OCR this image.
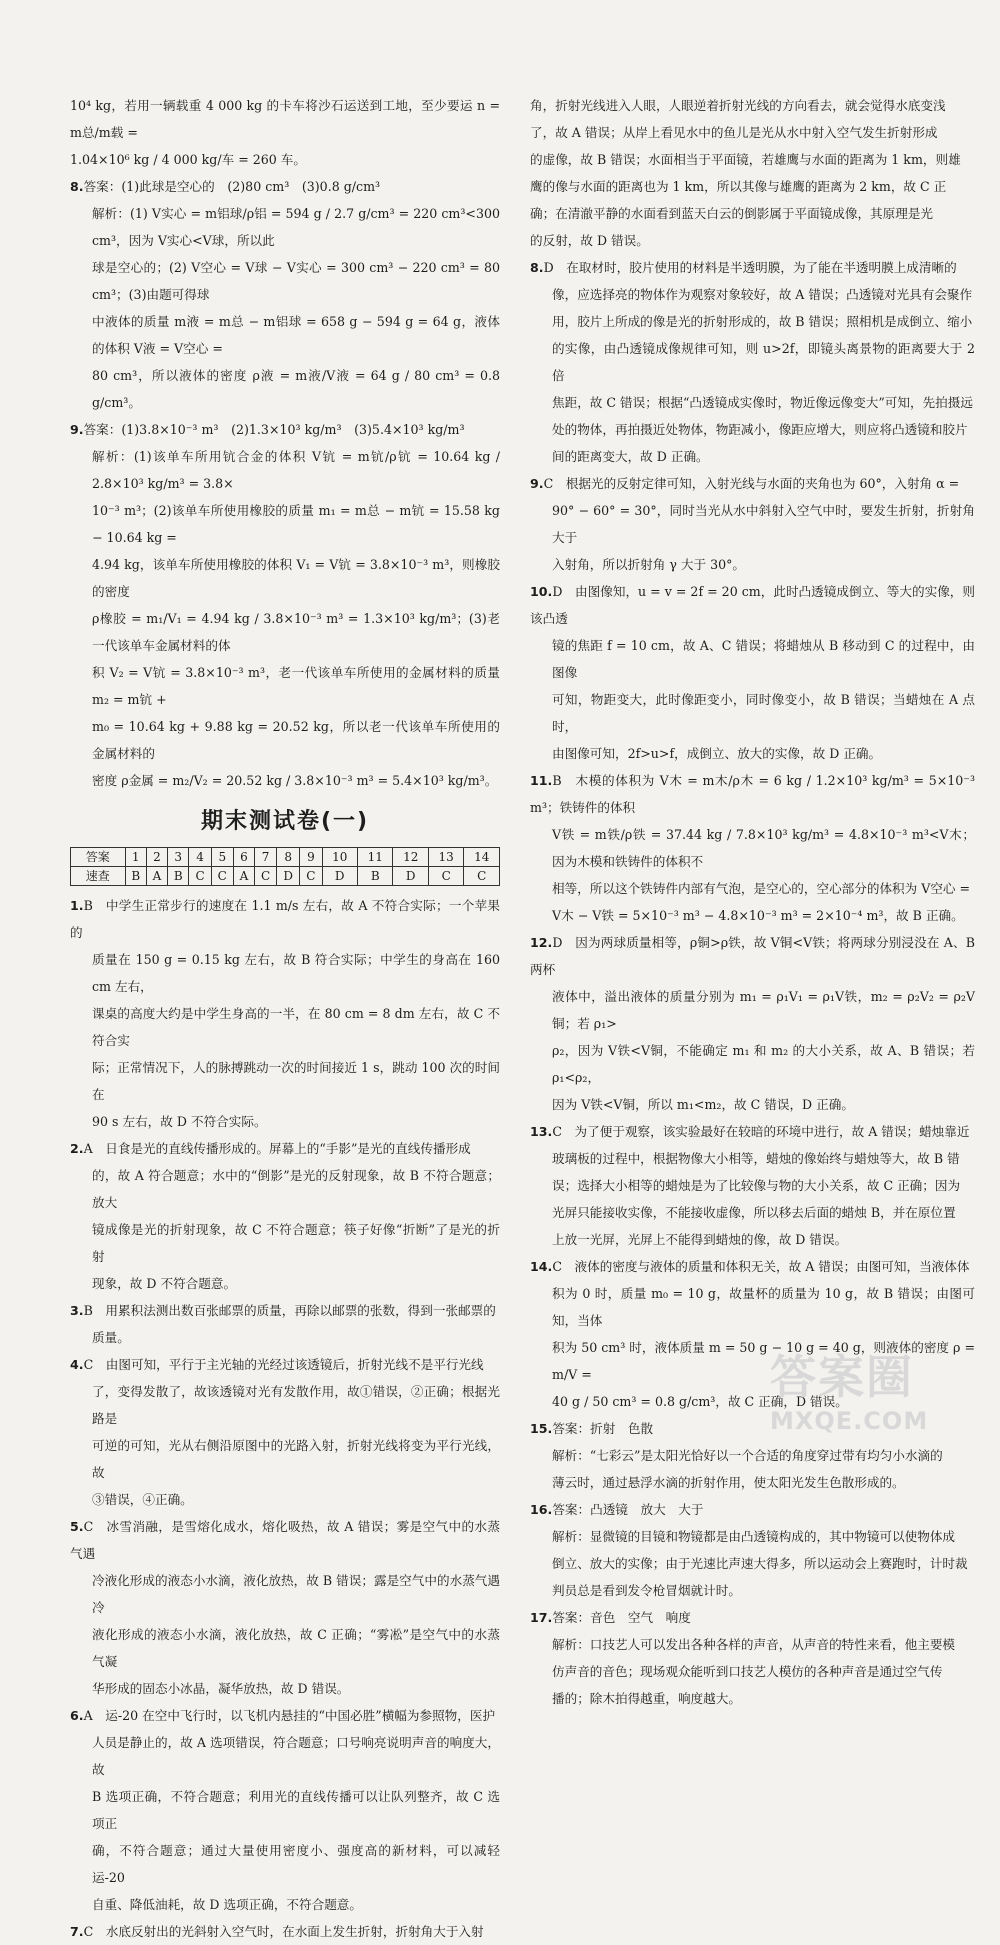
10⁴ kg，若用一辆载重 4 000 kg 的卡车将沙石运送到工地，至少要运 n = m总/m载 =

1.04×10⁶ kg / 4 000 kg/车 = 260 车。

8.答案：(1)此球是空心的　(2)80 cm³　(3)0.8 g/cm³

解析：(1) V实心 = m铝球/ρ铝 = 594 g / 2.7 g/cm³ = 220 cm³<300 cm³，因为 V实心<V球，所以此

球是空心的；(2) V空心 = V球 − V实心 = 300 cm³ − 220 cm³ = 80 cm³；(3)由题可得球

中液体的质量 m液 = m总 − m铝球 = 658 g − 594 g = 64 g，液体的体积 V液 = V空心 =

80 cm³，所以液体的密度 ρ液 = m液/V液 = 64 g / 80 cm³ = 0.8 g/cm³。

9.答案：(1)3.8×10⁻³ m³　(2)1.3×10³ kg/m³　(3)5.4×10³ kg/m³

解析：(1)该单车所用钪合金的体积 V钪 = m钪/ρ钪 = 10.64 kg / 2.8×10³ kg/m³ = 3.8×

10⁻³ m³；(2)该单车所使用橡胶的质量 m₁ = m总 − m钪 = 15.58 kg − 10.64 kg =

4.94 kg，该单车所使用橡胶的体积 V₁ = V钪 = 3.8×10⁻³ m³，则橡胶的密度

ρ橡胶 = m₁/V₁ = 4.94 kg / 3.8×10⁻³ m³ = 1.3×10³ kg/m³；(3)老一代该单车金属材料的体

积 V₂ = V钪 = 3.8×10⁻³ m³，老一代该单车所使用的金属材料的质量 m₂ = m钪 +

m₀ = 10.64 kg + 9.88 kg = 20.52 kg，所以老一代该单车所使用的金属材料的

密度 ρ金属 = m₂/V₂ = 20.52 kg / 3.8×10⁻³ m³ = 5.4×10³ kg/m³。

期末测试卷(一)
答案	1	2	3	4	5	6	7	8	9	10	11	12	13	14
速查	B	A	B	C	C	A	C	D	C	D	B	D	C	C

1.B　中学生正常步行的速度在 1.1 m/s 左右，故 A 不符合实际；一个苹果的

质量在 150 g = 0.15 kg 左右，故 B 符合实际；中学生的身高在 160 cm 左右，

课桌的高度大约是中学生身高的一半，在 80 cm = 8 dm 左右，故 C 不符合实

际；正常情况下，人的脉搏跳动一次的时间接近 1 s，跳动 100 次的时间在

90 s 左右，故 D 不符合实际。

2.A　日食是光的直线传播形成的。屏幕上的“手影”是光的直线传播形成

的，故 A 符合题意；水中的“倒影”是光的反射现象，故 B 不符合题意；放大

镜成像是光的折射现象，故 C 不符合题意；筷子好像“折断”了是光的折射

现象，故 D 不符合题意。

3.B　用累积法测出数百张邮票的质量，再除以邮票的张数，得到一张邮票的

质量。

4.C　由图可知，平行于主光轴的光经过该透镜后，折射光线不是平行光线

了，变得发散了，故该透镜对光有发散作用，故①错误，②正确；根据光路是

可逆的可知，光从右侧沿原图中的光路入射，折射光线将变为平行光线，故

③错误，④正确。

5.C　冰雪消融，是雪熔化成水，熔化吸热，故 A 错误；雾是空气中的水蒸气遇

冷液化形成的液态小水滴，液化放热，故 B 错误；露是空气中的水蒸气遇冷

液化形成的液态小水滴，液化放热，故 C 正确；“雾凇”是空气中的水蒸气凝

华形成的固态小冰晶，凝华放热，故 D 错误。

6.A　运-20 在空中飞行时，以飞机内悬挂的“中国必胜”横幅为参照物，医护

人员是静止的，故 A 选项错误，符合题意；口号响亮说明声音的响度大，故

B 选项正确，不符合题意；利用光的直线传播可以让队列整齐，故 C 选项正

确，不符合题意；通过大量使用密度小、强度高的新材料，可以减轻运-20

自重、降低油耗，故 D 选项正确，不符合题意。

7.C　水底反射出的光斜射入空气时，在水面上发生折射，折射角大于入射

角，折射光线进入人眼，人眼逆着折射光线的方向看去，就会觉得水底变浅

了，故 A 错误；从岸上看见水中的鱼儿是光从水中射入空气发生折射形成

的虚像，故 B 错误；水面相当于平面镜，若雄鹰与水面的距离为 1 km，则雄

鹰的像与水面的距离也为 1 km，所以其像与雄鹰的距离为 2 km，故 C 正

确；在清澈平静的水面看到蓝天白云的倒影属于平面镜成像，其原理是光

的反射，故 D 错误。

8.D　在取材时，胶片使用的材料是半透明膜，为了能在半透明膜上成清晰的

像，应选择亮的物体作为观察对象较好，故 A 错误；凸透镜对光具有会聚作

用，胶片上所成的像是光的折射形成的，故 B 错误；照相机是成倒立、缩小

的实像，由凸透镜成像规律可知，则 u>2f，即镜头离景物的距离要大于 2 倍

焦距，故 C 错误；根据“凸透镜成实像时，物近像远像变大”可知，先拍摄远

处的物体，再拍摄近处物体，物距减小，像距应增大，则应将凸透镜和胶片

间的距离变大，故 D 正确。

9.C　根据光的反射定律可知，入射光线与水面的夹角也为 60°，入射角 α =

90° − 60° = 30°，同时当光从水中斜射入空气中时，要发生折射，折射角大于

入射角，所以折射角 γ 大于 30°。

10.D　由图像知，u = v = 2f = 20 cm，此时凸透镜成倒立、等大的实像，则该凸透

镜的焦距 f = 10 cm，故 A、C 错误；将蜡烛从 B 移动到 C 的过程中，由图像

可知，物距变大，此时像距变小，同时像变小，故 B 错误；当蜡烛在 A 点时，

由图像可知，2f>u>f，成倒立、放大的实像，故 D 正确。

11.B　木模的体积为 V木 = m木/ρ木 = 6 kg / 1.2×10³ kg/m³ = 5×10⁻³ m³；铁铸件的体积

V铁 = m铁/ρ铁 = 37.44 kg / 7.8×10³ kg/m³ = 4.8×10⁻³ m³<V木；因为木模和铁铸件的体积不

相等，所以这个铁铸件内部有气泡，是空心的，空心部分的体积为 V空心 =

V木 − V铁 = 5×10⁻³ m³ − 4.8×10⁻³ m³ = 2×10⁻⁴ m³，故 B 正确。

12.D　因为两球质量相等，ρ铜>ρ铁，故 V铜<V铁；将两球分别浸没在 A、B 两杯

液体中，溢出液体的质量分别为 m₁ = ρ₁V₁ = ρ₁V铁，m₂ = ρ₂V₂ = ρ₂V铜；若 ρ₁>

ρ₂，因为 V铁<V铜，不能确定 m₁ 和 m₂ 的大小关系，故 A、B 错误；若 ρ₁<ρ₂，

因为 V铁<V铜，所以 m₁<m₂，故 C 错误，D 正确。

13.C　为了便于观察，该实验最好在较暗的环境中进行，故 A 错误；蜡烛靠近

玻璃板的过程中，根据物像大小相等，蜡烛的像始终与蜡烛等大，故 B 错

误；选择大小相等的蜡烛是为了比较像与物的大小关系，故 C 正确；因为

光屏只能接收实像，不能接收虚像，所以移去后面的蜡烛 B，并在原位置

上放一光屏，光屏上不能得到蜡烛的像，故 D 错误。

14.C　液体的密度与液体的质量和体积无关，故 A 错误；由图可知，当液体体

积为 0 时，质量 m₀ = 10 g，故量杯的质量为 10 g，故 B 错误；由图可知，当体

积为 50 cm³ 时，液体质量 m = 50 g − 10 g = 40 g，则液体的密度 ρ = m/V =

40 g / 50 cm³ = 0.8 g/cm³，故 C 正确，D 错误。

15.答案：折射　色散

解析：“七彩云”是太阳光恰好以一个合适的角度穿过带有均匀小水滴的

薄云时，通过悬浮水滴的折射作用，使太阳光发生色散形成的。

16.答案：凸透镜　放大　大于

解析：显微镜的目镜和物镜都是由凸透镜构成的，其中物镜可以使物体成

倒立、放大的实像；由于光速比声速大得多，所以运动会上赛跑时，计时裁

判员总是看到发令枪冒烟就计时。

17.答案：音色　空气　响度

解析：口技艺人可以发出各种各样的声音，从声音的特性来看，他主要模

仿声音的音色；现场观众能听到口技艺人模仿的各种声音是通过空气传

播的；除木拍得越重，响度越大。

答案圈
MXQE.COM
